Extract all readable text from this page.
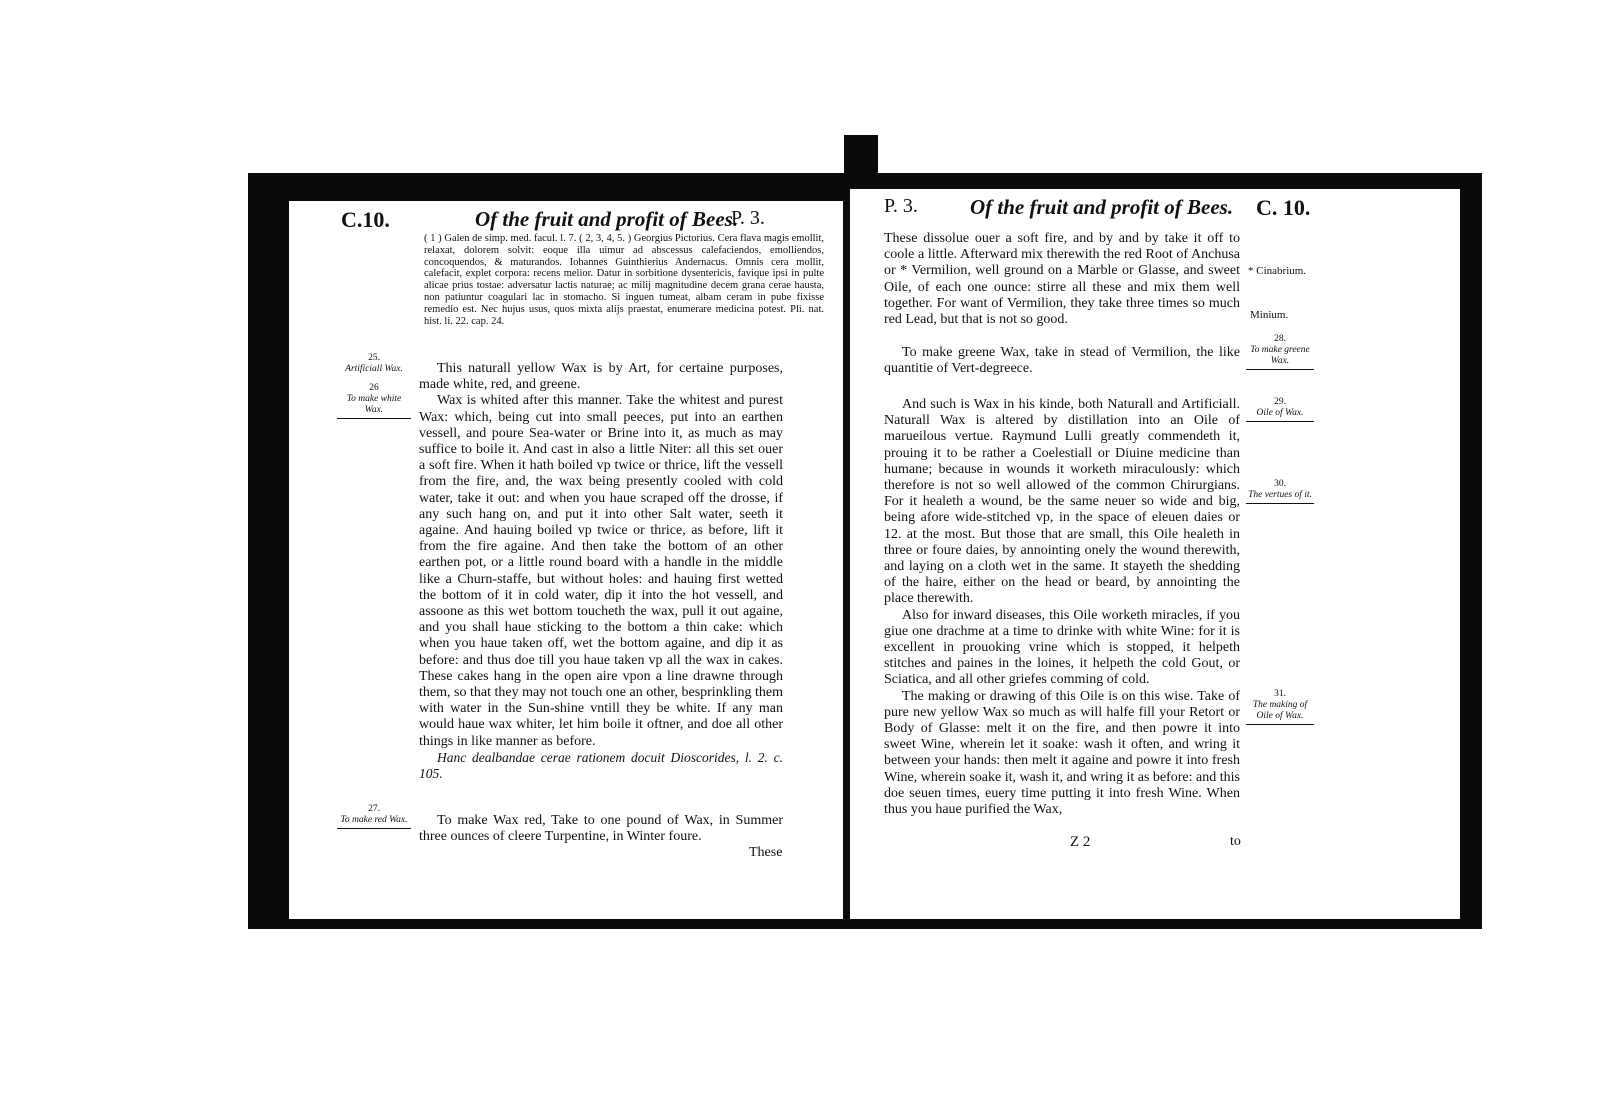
C.10.	Of the fruit and profit of Bees.
P. 3.
( 1 ) Galen de simp. med. facul. l. 7. ( 2, 3, 4, 5. ) Georgius Pictorius. Cera flava magis emollit, relaxat, dolorem solvit: eoque illa uimur ad abscessus calefaciendos, emolliendos, concoquendos, & maturandos. Iohannes Guinthierius Andernacus. Omnis cera mollit, calefacit, explet corpora: recens melior. Datur in sorbitione dysentericis, favique ipsi in pulte alicae prius tostae: adversatur lactis naturae; ac milij magnitudine decem grana cerae hausta, non patiuntur coagulari lac in stomacho. Si inguen tumeat, albam ceram in pube fixisse remedio est. Nec hujus usus, quos mixta alijs praestat, enumerare medicina potest. Pli. nat. hist. li. 22. cap. 24.
25.
Artificiall Wax.
26
To make white Wax.
27.
To make red Wax.

This naturall yellow Wax is by Art, for certaine purposes, made white, red, and greene.

Wax is whited after this manner. Take the whitest and purest Wax: which, being cut into small peeces, put into an earthen vessell, and poure Sea-water or Brine into it, as much as may suffice to boile it. And cast in also a little Niter: all this set ouer a soft fire. When it hath boiled vp twice or thrice, lift the vessell from the fire, and, the wax being presently cooled with cold water, take it out: and when you haue scraped off the drosse, if any such hang on, and put it into other Salt water, seeth it againe. And hauing boiled vp twice or thrice, as before, lift it from the fire againe. And then take the bottom of an other earthen pot, or a little round board with a handle in the middle like a Churn-staffe, but without holes: and hauing first wetted the bottom of it in cold water, dip it into the hot vessell, and assoone as this wet bottom toucheth the wax, pull it out againe, and you shall haue sticking to the bottom a thin cake: which when you haue taken off, wet the bottom againe, and dip it as before: and thus doe till you haue taken vp all the wax in cakes. These cakes hang in the open aire vpon a line drawne through them, so that they may not touch one an other, besprinkling them with water in the Sun-shine vntill they be white. If any man would haue wax whiter, let him boile it oftner, and doe all other things in like manner as before.

Hanc dealbandae cerae rationem docuit Dioscorides, l. 2. c. 105.

To make Wax red, Take to one pound of Wax, in Summer three ounces of cleere Turpentine, in Winter foure.

These
P. 3. Of the fruit and profit of Bees. C. 10.
* Cinabrium.
Minium.
28.
To make greene Wax.
29.
Oile of Wax.
30.
The vertues of it.
31.
The making of Oile of Wax.

These dissolue ouer a soft fire, and by and by take it off to coole a little. Afterward mix therewith the red Root of Anchusa or * Vermilion, well ground on a Marble or Glasse, and sweet Oile, of each one ounce: stirre all these and mix them well together. For want of Vermilion, they take three times so much red Lead, but that is not so good.

To make greene Wax, take in stead of Vermilion, the like quantitie of Vert-degreece.

And such is Wax in his kinde, both Naturall and Artificiall. Naturall Wax is altered by distillation into an Oile of marueilous vertue. Raymund Lulli greatly commendeth it, prouing it to be rather a Coelestiall or Diuine medicine than humane; because in wounds it worketh miraculously: which therefore is not so well allowed of the common Chirurgians. For it healeth a wound, be the same neuer so wide and big, being afore wide-stitched vp, in the space of eleuen daies or 12. at the most. But those that are small, this Oile healeth in three or foure daies, by annointing onely the wound therewith, and laying on a cloth wet in the same. It stayeth the shedding of the haire, either on the head or beard, by annointing the place therewith.

Also for inward diseases, this Oile worketh miracles, if you giue one drachme at a time to drinke with white Wine: for it is excellent in prouoking vrine which is stopped, it helpeth stitches and paines in the loines, it helpeth the cold Gout, or Sciatica, and all other griefes comming of cold.

The making or drawing of this Oile is on this wise. Take of pure new yellow Wax so much as will halfe fill your Retort or Body of Glasse: melt it on the fire, and then powre it into sweet Wine, wherein let it soake: wash it often, and wring it between your hands: then melt it againe and powre it into fresh Wine, wherein soake it, wash it, and wring it as before: and this doe seuen times, euery time putting it into fresh Wine. When thus you haue purified the Wax,

Z 2	to
